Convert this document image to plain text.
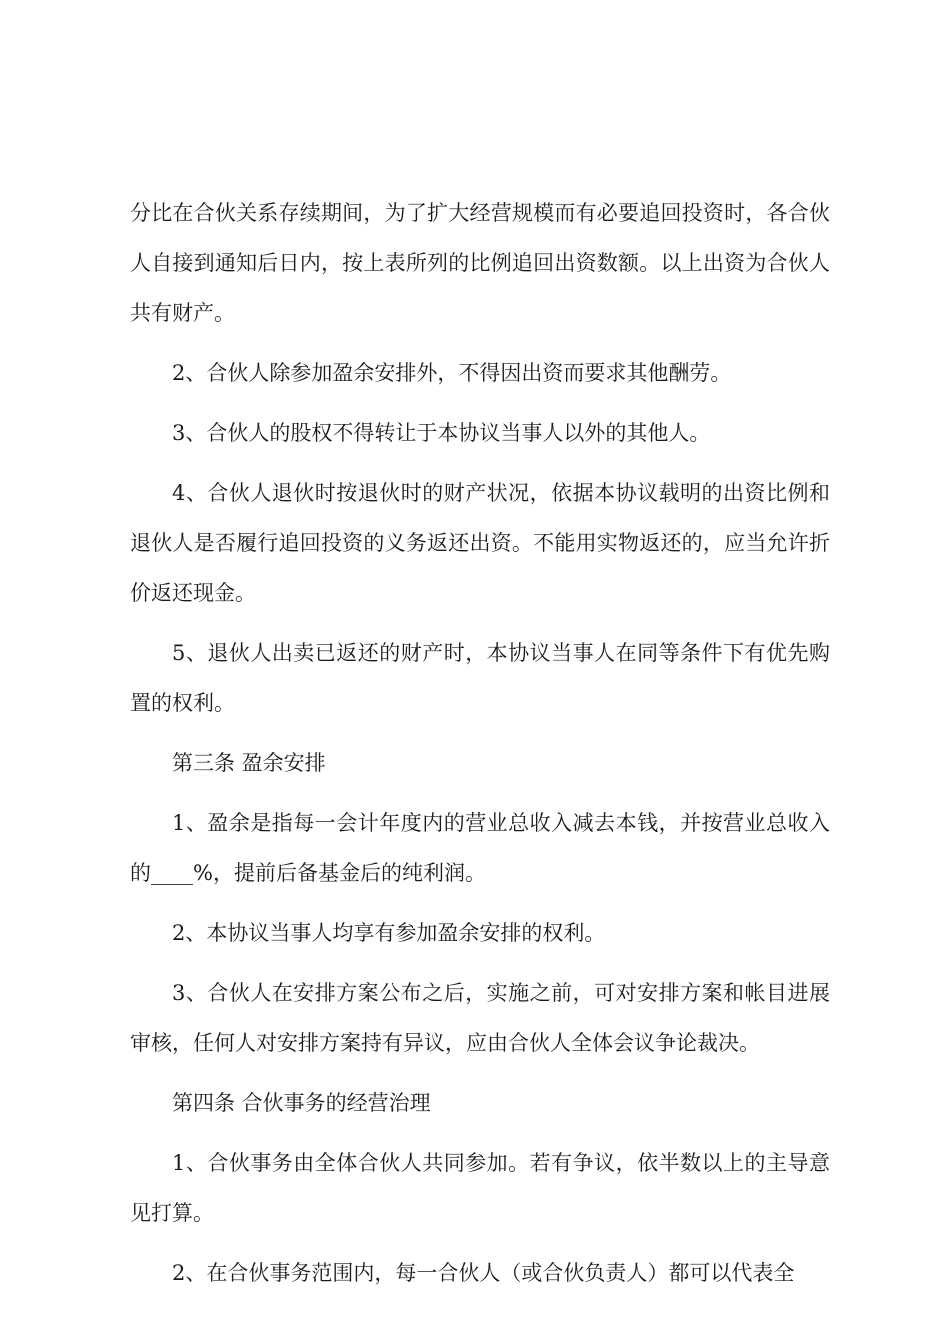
分比在合伙关系存续期间，为了扩大经营规模而有必要追回投资时，各合伙人自接到通知后日内，按上表所列的比例追回出资数额。以上出资为合伙人共有财产。

2、合伙人除参加盈余安排外，不得因出资而要求其他酬劳。

3、合伙人的股权不得转让于本协议当事人以外的其他人。

4、合伙人退伙时按退伙时的财产状况，依据本协议载明的出资比例和退伙人是否履行追回投资的义务返还出资。不能用实物返还的，应当允许折价返还现金。

5、退伙人出卖已返还的财产时，本协议当事人在同等条件下有优先购置的权利。

第三条 盈余安排

1、盈余是指每一会计年度内的营业总收入减去本钱，并按营业总收入的____%，提前后备基金后的纯利润。

2、本协议当事人均享有参加盈余安排的权利。

3、合伙人在安排方案公布之后，实施之前，可对安排方案和帐目进展审核，任何人对安排方案持有异议，应由合伙人全体会议争论裁决。

第四条 合伙事务的经营治理

1、合伙事务由全体合伙人共同参加。若有争议，依半数以上的主导意见打算。

2、在合伙事务范围内，每一合伙人（或合伙负责人）都可以代表全
